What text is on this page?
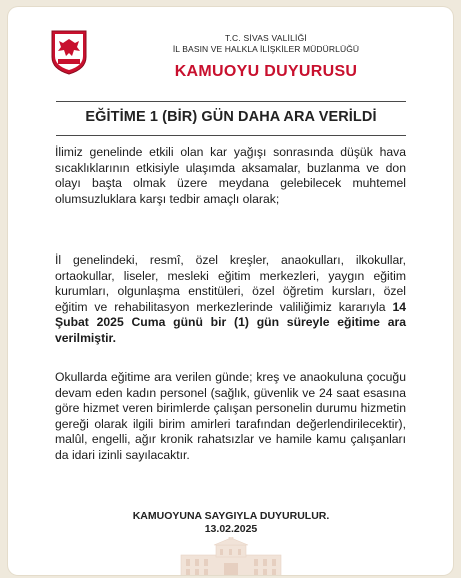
T.C. SİVAS VALİLİĞİ
İL BASIN VE HALKLA İLİŞKİLER MÜDÜRLÜĞÜ
KAMUOYU DUYURUSU
EĞİTİME 1 (BİR) GÜN DAHA ARA VERİLDİ
İlimiz genelinde etkili olan kar yağışı sonrasında düşük hava sıcaklıklarının etkisiyle ulaşımda aksamalar, buzlanma ve don olayı başta olmak üzere meydana gelebilecek muhtemel olumsuzluklara karşı tedbir amaçlı olarak;
İl genelindeki, resmî, özel kreşler, anaokulları, ilkokullar, ortaokullar, liseler, mesleki eğitim merkezleri, yaygın eğitim kurumları, olgunlaşma enstitüleri, özel öğretim kursları, özel eğitim ve rehabilitasyon merkezlerinde valiliğimiz kararıyla 14 Şubat 2025 Cuma günü bir (1) gün süreyle eğitime ara verilmiştir.
Okullarda eğitime ara verilen günde; kreş ve anaokuluna çocuğu devam eden kadın personel (sağlık, güvenlik ve 24 saat esasına göre hizmet veren birimlerde çalışan personelin durumu hizmetin gereği olarak ilgili birim amirleri tarafından değerlendirilecektir), malûl, engelli, ağır kronik rahatsızlar ve hamile kamu çalışanları da idari izinli sayılacaktır.
KAMUOYUNA SAYGIYLA DUYURULUR.
13.02.2025
